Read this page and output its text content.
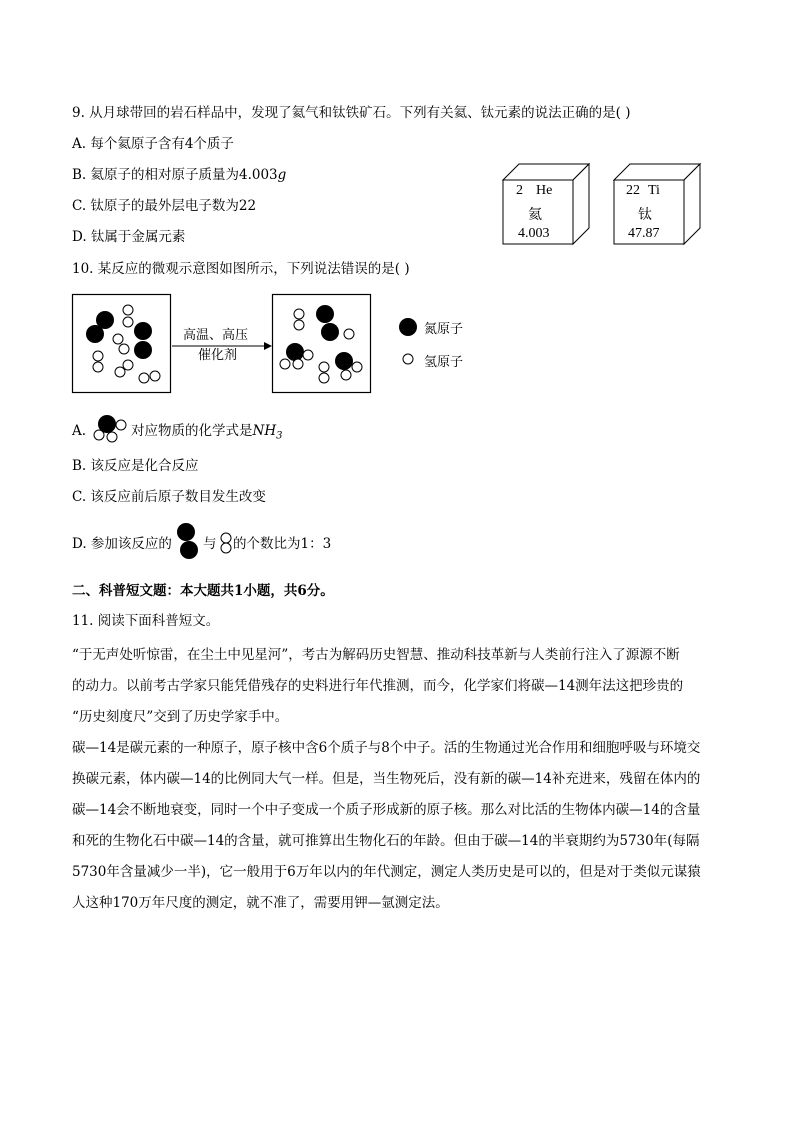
9. 从月球带回的岩石样品中，发现了氦气和钛铁矿石。下列有关氦、钛元素的说法正确的是( )
A. 每个氦原子含有4个质子
B. 氦原子的相对原子质量为4.003g
C. 钛原子的最外层电子数为22
D. 钛属于金属元素
2 He
氦
4.003
22 Ti
钛
47.87
10. 某反应的微观示意图如图所示，下列说法错误的是( )
高温、高压
催化剂
氮原子
氢原子
A.	对应物质的化学式是$NH_3$
B. 该反应是化合反应
C. 该反应前后原子数目发生改变
D. 参加该反应的 与 的个数比为1：3
二、科普短文题：本大题共1小题，共6分。
11. 阅读下面科普短文。
“于无声处听惊雷，在尘土中见星河”，考古为解码历史智慧、推动科技革新与人类前行注入了源源不断
的动力。以前考古学家只能凭借残存的史料进行年代推测，而今，化学家们将碳—14测年法这把珍贵的
“历史刻度尺”交到了历史学家手中。
碳—14是碳元素的一种原子，原子核中含6个质子与8个中子。活的生物通过光合作用和细胞呼吸与环境交
换碳元素，体内碳—14的比例同大气一样。但是，当生物死后，没有新的碳—14补充进来，残留在体内的
碳—14会不断地衰变，同时一个中子变成一个质子形成新的原子核。那么对比活的生物体内碳—14的含量
和死的生物化石中碳—14的含量，就可推算出生物化石的年龄。但由于碳—14的半衰期约为5730年(每隔
5730年含量减少一半)，它一般用于6万年以内的年代测定，测定人类历史是可以的，但是对于类似元谋猿
人这种170万年尺度的测定，就不准了，需要用钾—氩测定法。
